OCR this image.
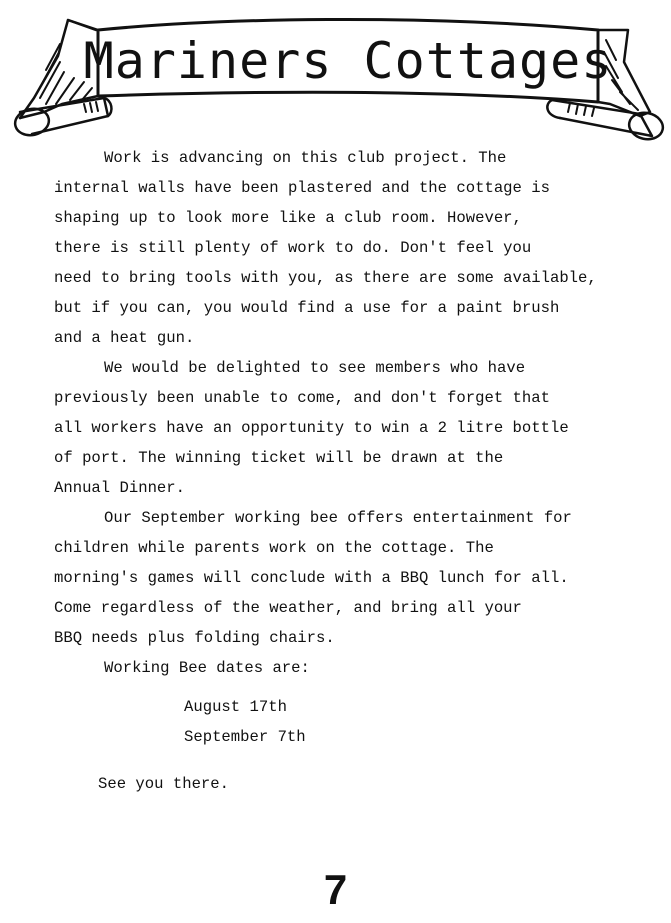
Mariners Cottages

Work is advancing on this club project. The
internal walls have been plastered and the cottage is
shaping up to look more like a club room. However,
there is still plenty of work to do. Don't feel you
need to bring tools with you, as there are some available,
but if you can, you would find a use for a paint brush
and a heat gun.

We would be delighted to see members who have
previously been unable to come, and don't forget that
all workers have an opportunity to win a 2 litre bottle
of port. The winning ticket will be drawn at the
Annual Dinner.

Our September working bee offers entertainment for
children while parents work on the cottage. The
morning's games will conclude with a BBQ lunch for all.
Come regardless of the weather, and bring all your
BBQ needs plus folding chairs.

Working Bee dates are:

August 17th
September 7th

See you there.

7
